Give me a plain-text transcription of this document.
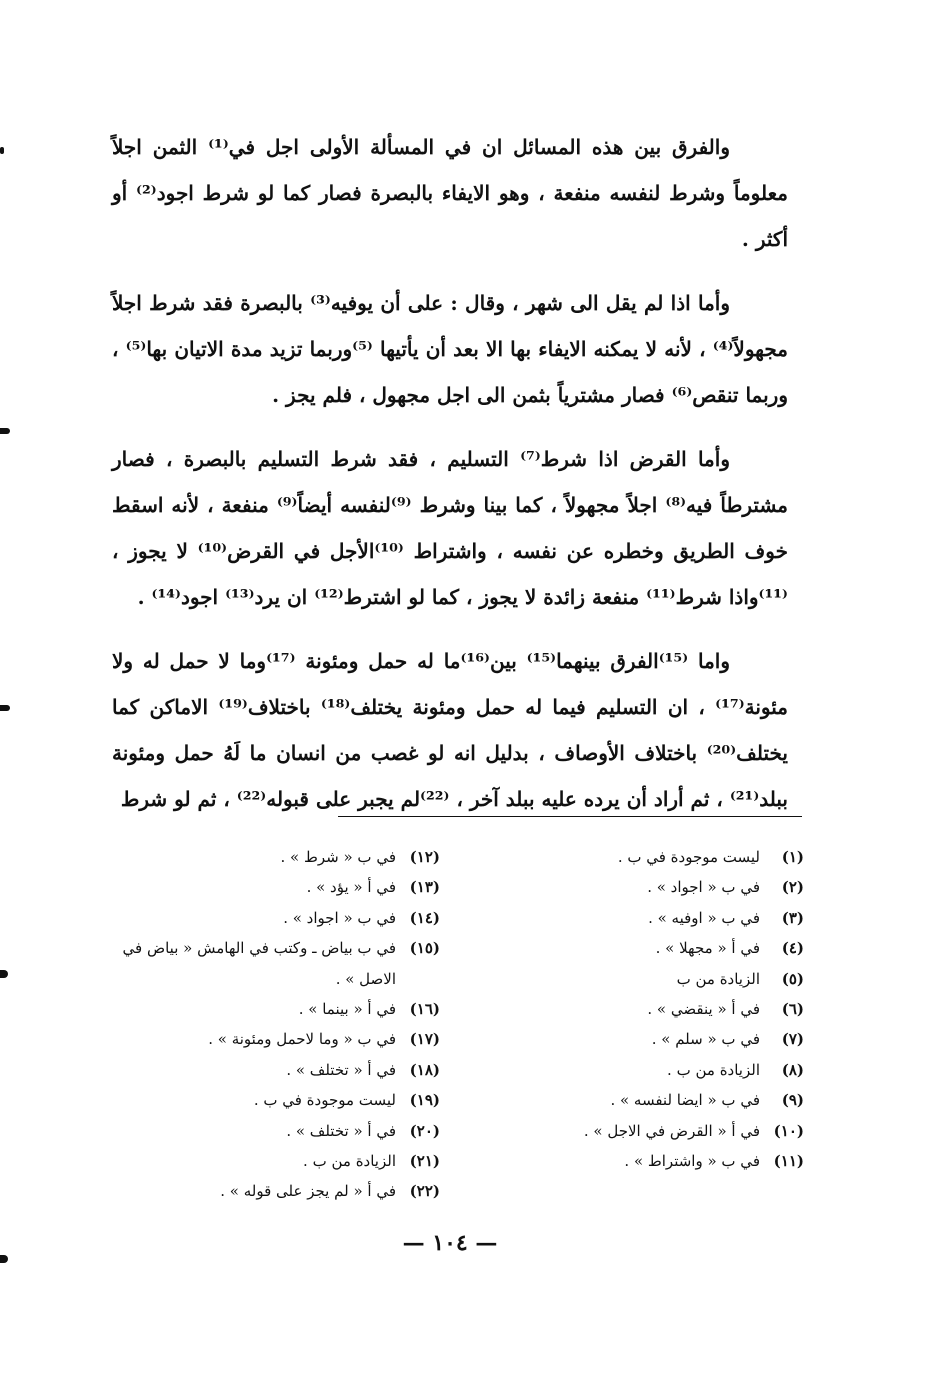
والفرق بين هذه المسائل ان في المسألة الأولى اجل في⁽¹⁾ الثمن اجلاً معلوماً وشرط لنفسه منفعة ، وهو الايفاء بالبصرة فصار كما لو شرط اجود⁽²⁾ أو أكثر .

وأما اذا لم يقل الى شهر ، وقال : على أن يوفيه⁽³⁾ بالبصرة فقد شرط اجلاً مجهولاً⁽⁴⁾ ، لأنه لا يمكنه الايفاء بها الا بعد أن يأتيها ⁽⁵⁾وربما تزيد مدة الاتيان بها⁽⁵⁾ ، وربما تنقص⁽⁶⁾ فصار مشترياً بثمن الى اجل مجهول ، فلم يجز .

وأما القرض اذا شرط⁽⁷⁾ التسليم ، فقد شرط التسليم بالبصرة ، فصار مشترطاً فيه⁽⁸⁾ اجلاً مجهولاً ، كما بينا وشرط ⁽⁹⁾لنفسه أيضاً⁽⁹⁾ منفعة ، لأنه اسقط خوف الطريق وخطره عن نفسه ، واشتراط ⁽¹⁰⁾الأجل في القرض⁽¹⁰⁾ لا يجوز ، ⁽¹¹⁾واذا شرط⁽¹¹⁾ منفعة زائدة لا يجوز ، كما لو اشترط⁽¹²⁾ ان يرد⁽¹³⁾ اجود⁽¹⁴⁾ .

واما ⁽¹⁵⁾الفرق بينهما⁽¹⁵⁾ بين⁽¹⁶⁾ما له حمل ومئونة ⁽¹⁷⁾وما لا حمل له ولا مئونة⁽¹⁷⁾ ، ان التسليم فيما له حمل ومئونة يختلف⁽¹⁸⁾ باختلاف⁽¹⁹⁾ الاماكن كما يختلف⁽²⁰⁾ باختلاف الأوصاف ، بدليل انه لو غصب من انسان ما لَهُ حمل ومئونة ببلد⁽²¹⁾ ، ثم أراد أن يرده عليه ببلد آخر ، ⁽²²⁾لم يجبر على قبوله⁽²²⁾ ، ثم لو شرط

(١)
ليست موجودة في ب .
(٢)
في ب « اجواد » .
(٣)
في ب « اوفيه » .
(٤)
في أ « مجهلا » .
(٥)
الزيادة من ب
(٦)
في أ « ينقضي » .
(٧)
في ب « سلم » .
(٨)
الزيادة من ب .
(٩)
في ب « ايضا لنفسه » .
(١٠)
في أ « القرض في الاجل » .
(١١)
في ب « واشتراط » .
(١٢)
في ب « شرط » .
(١٣)
في أ « يؤد » .
(١٤)
في ب « اجواد » .
(١٥)
في ب بياض ـ وكتب في الهامش « بياض في الاصل » .
(١٦)
في أ « بينما » .
(١٧)
في ب « وما لاحمل ومئونة » .
(١٨)
في أ « تختلف » .
(١٩)
ليست موجودة في ب .
(٢٠)
في أ « تختلف » .
(٢١)
الزيادة من ب .
(٢٢)
في أ « لم يجز على قوله » .
— ١٠٤ —
